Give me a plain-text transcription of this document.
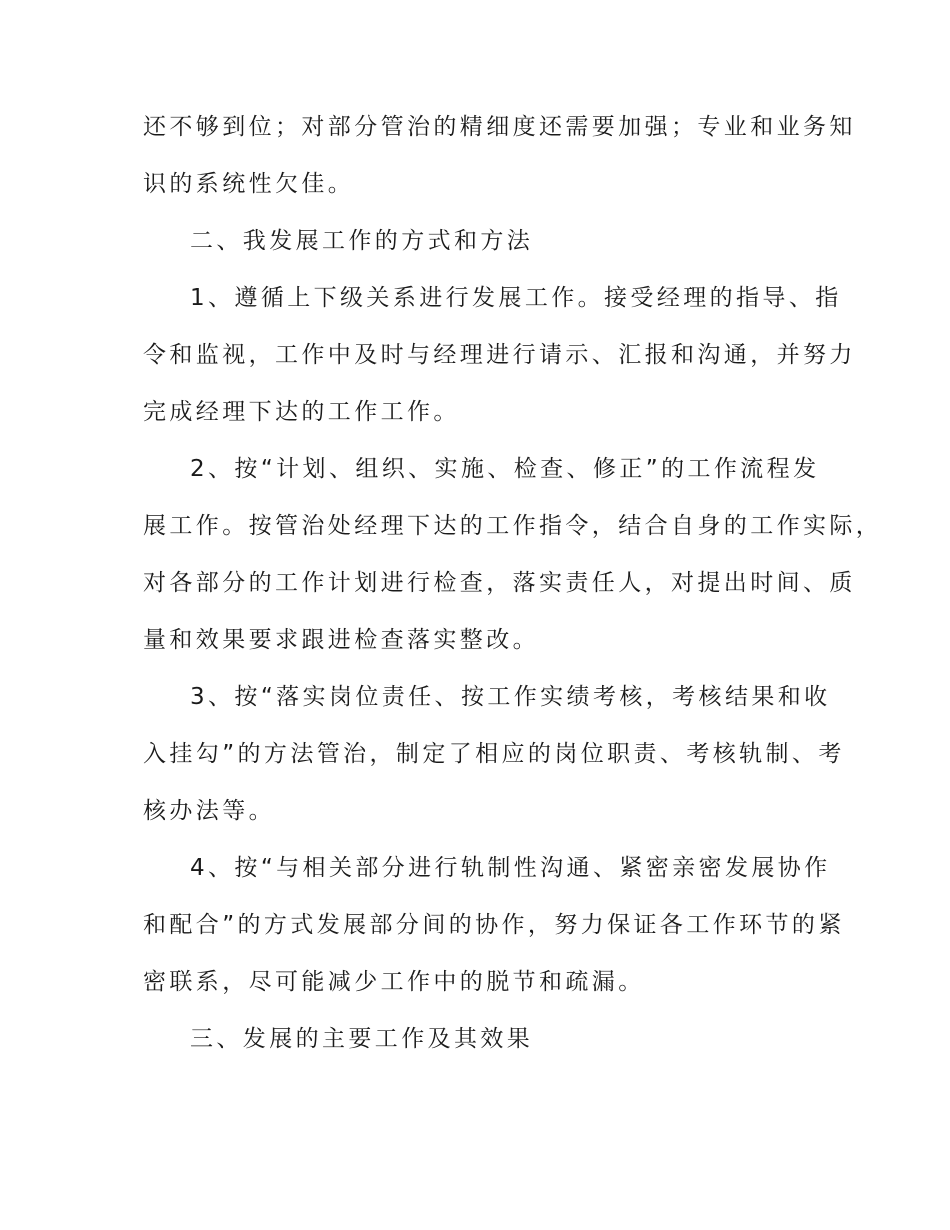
还不够到位；对部分管治的精细度还需要加强；专业和业务知
识的系统性欠佳。
二、我发展工作的方式和方法
1、遵循上下级关系进行发展工作。接受经理的指导、指
令和监视，工作中及时与经理进行请示、汇报和沟通，并努力
完成经理下达的工作工作。
2、按“计划、组织、实施、检查、修正”的工作流程发
展工作。按管治处经理下达的工作指令，结合自身的工作实际，
对各部分的工作计划进行检查，落实责任人，对提出时间、质
量和效果要求跟进检查落实整改。
3、按“落实岗位责任、按工作实绩考核，考核结果和收
入挂勾”的方法管治，制定了相应的岗位职责、考核轨制、考
核办法等。
4、按“与相关部分进行轨制性沟通、紧密亲密发展协作
和配合”的方式发展部分间的协作，努力保证各工作环节的紧
密联系，尽可能减少工作中的脱节和疏漏。
三、发展的主要工作及其效果
